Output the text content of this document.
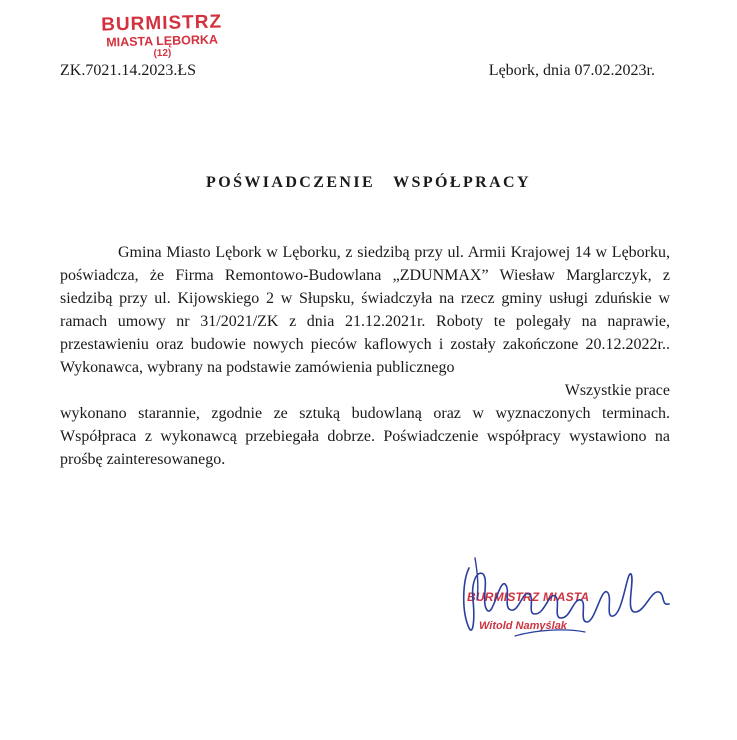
BURMISTRZ
MIASTA LĘBORKA
(12)
ZK.7021.14.2023.ŁS	Lębork, dnia 07.02.2023r.
POŚWIADCZENIE WSPÓŁPRACY

Gmina Miasto Lębork w Lęborku, z siedzibą przy ul. Armii Krajowej 14 w Lęborku, poświadcza, że Firma Remontowo-Budowlana „ZDUNMAX” Wiesław Marglarczyk, z siedzibą przy ul. Kijowskiego 2 w Słupsku, świadczyła na rzecz gminy usługi zduńskie w ramach umowy nr 31/2021/ZK z dnia 21.12.2021r. Roboty te polegały na naprawie, przestawieniu oraz budowie nowych pieców kaflowych i zostały zakończone 20.12.2022r.. Wykonawca, wybrany na podstawie zamówienia publicznego

Wszystkie prace

wykonano starannie, zgodnie ze sztuką budowlaną oraz w wyznaczonych terminach. Współpraca z wykonawcą przebiegała dobrze. Poświadczenie współpracy wystawiono na prośbę zainteresowanego.

BURMISTRZ MIASTA
Witold Namyślak
